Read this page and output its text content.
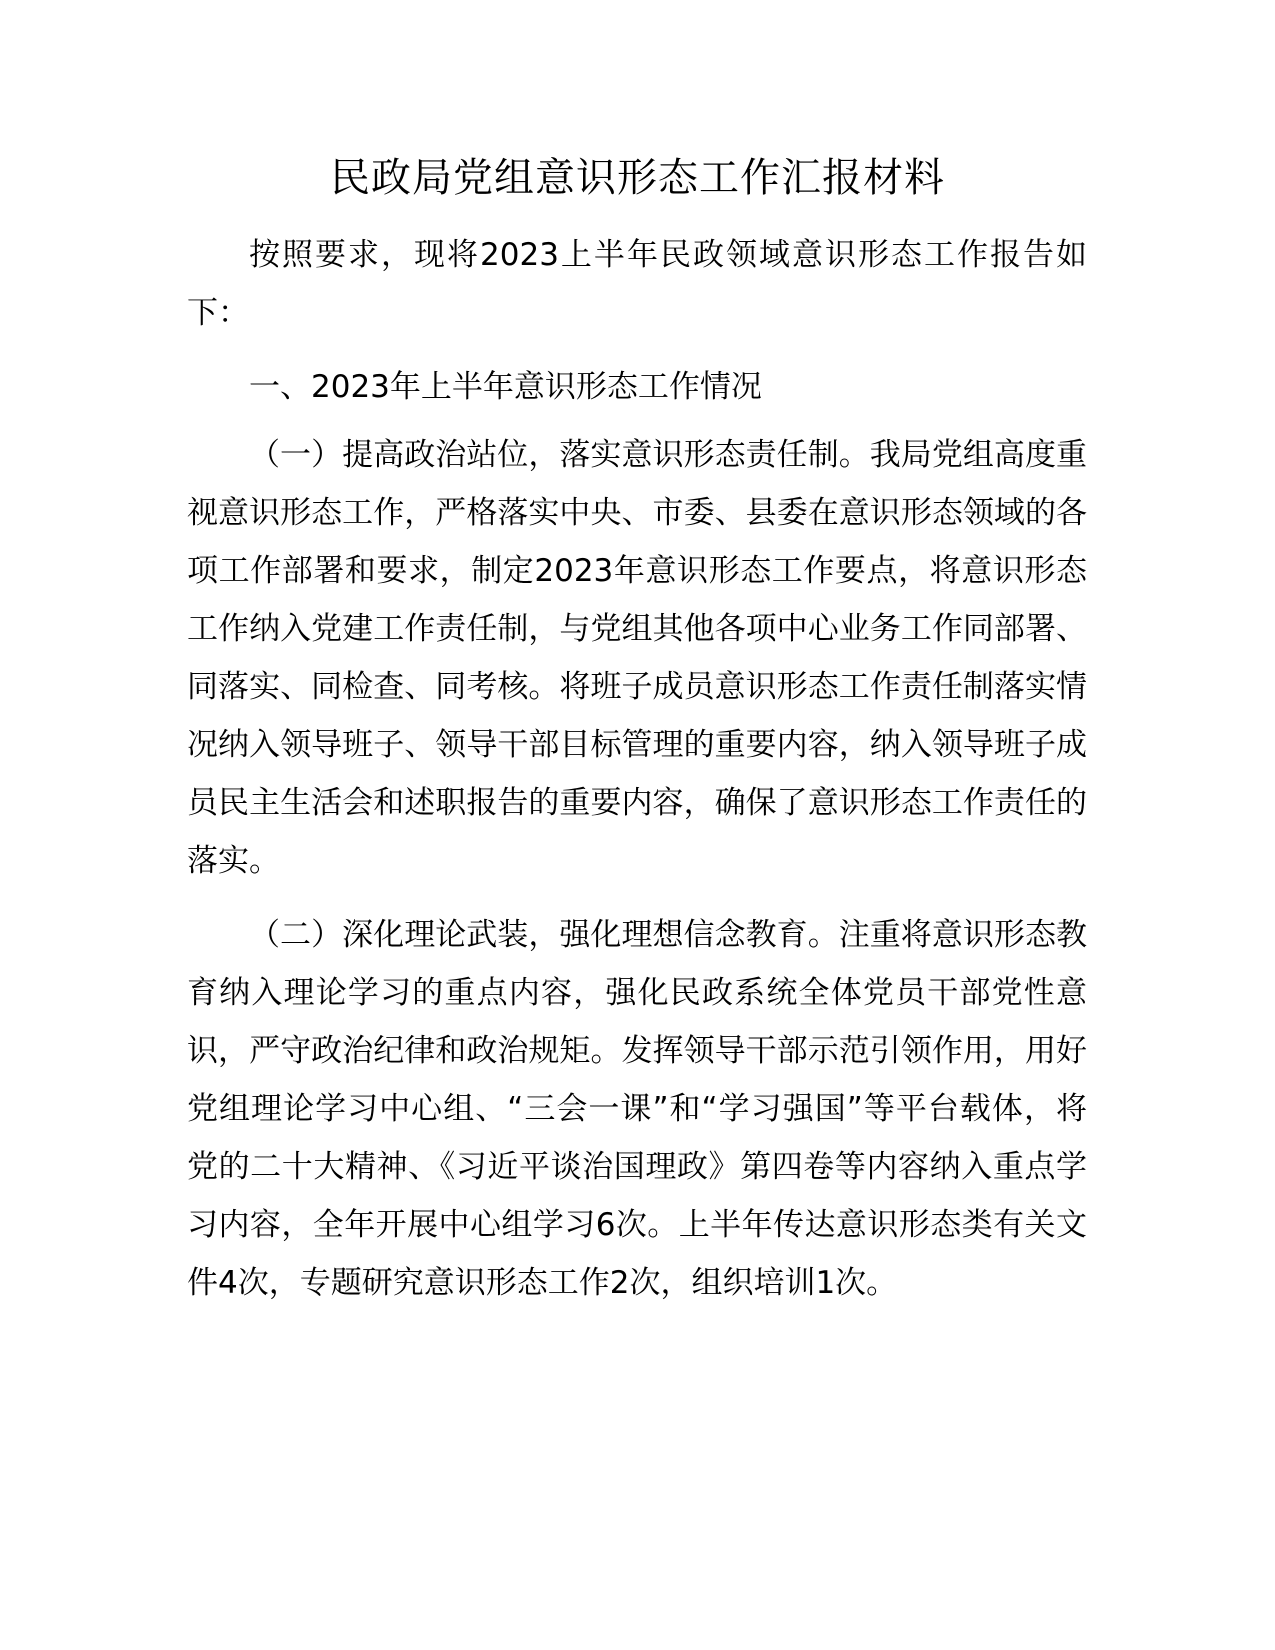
民政局党组意识形态工作汇报材料

按照要求，现将2023上半年民政领域意识形态工作报告如下：

一、2023年上半年意识形态工作情况

（一）提高政治站位，落实意识形态责任制。我局党组高度重视意识形态工作，严格落实中央、市委、县委在意识形态领域的各项工作部署和要求，制定2023年意识形态工作要点，将意识形态工作纳入党建工作责任制，与党组其他各项中心业务工作同部署、同落实、同检查、同考核。将班子成员意识形态工作责任制落实情况纳入领导班子、领导干部目标管理的重要内容，纳入领导班子成员民主生活会和述职报告的重要内容，确保了意识形态工作责任的落实。

（二）深化理论武装，强化理想信念教育。注重将意识形态教育纳入理论学习的重点内容，强化民政系统全体党员干部党性意识，严守政治纪律和政治规矩。发挥领导干部示范引领作用，用好党组理论学习中心组、“三会一课”和“学习强国”等平台载体，将党的二十大精神、《习近平谈治国理政》第四卷等内容纳入重点学习内容，全年开展中心组学习6次。上半年传达意识形态类有关文件4次，专题研究意识形态工作2次，组织培训1次。
